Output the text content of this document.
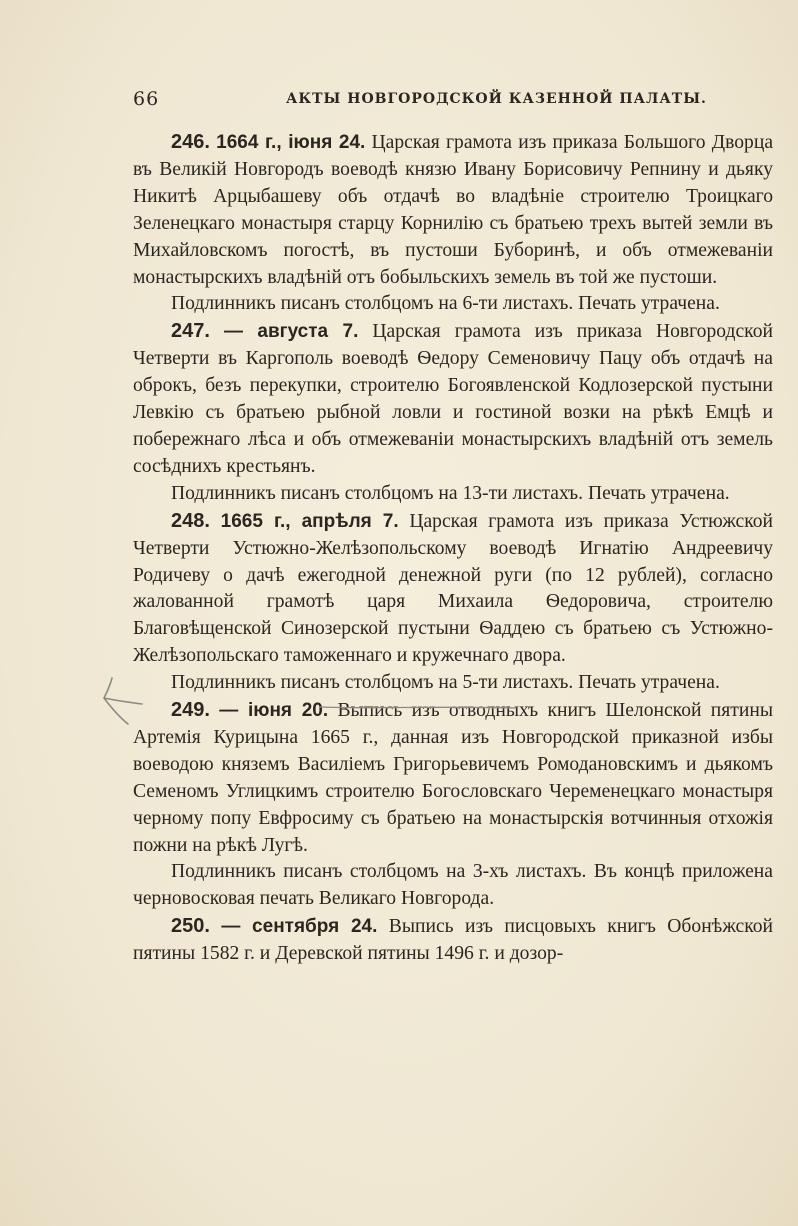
66	АКТЫ НОВГОРОДСКОЙ КАЗЕННОЙ ПАЛАТЫ.

246. 1664 г., іюня 24. Царская грамота изъ приказа Большого Дворца въ Великій Новгородъ воеводѣ князю Ивану Борисовичу Репнину и дьяку Никитѣ Арцыбашеву объ отдачѣ во владѣніе строителю Троицкаго Зеленецкаго монастыря старцу Корнилію съ братьею трехъ вытей земли въ Михайловскомъ погостѣ, въ пустоши Буборинѣ, и объ отмежеваніи монастырскихъ владѣній отъ бобыльскихъ земель въ той же пустоши.

Подлинникъ писанъ столбцомъ на 6-ти листахъ. Печать утрачена.

247. — августа 7. Царская грамота изъ приказа Новгородской Четверти въ Каргополь воеводѣ Ѳедору Семеновичу Пацу объ отдачѣ на оброкъ, безъ перекупки, строителю Богоявленской Кодлозерской пустыни Левкію съ братьею рыбной ловли и гостиной возки на рѣкѣ Емцѣ и побережнаго лѣса и объ отмежеваніи монастырскихъ владѣній отъ земель сосѣднихъ крестьянъ.

Подлинникъ писанъ столбцомъ на 13-ти листахъ. Печать утрачена.

248. 1665 г., апрѣля 7. Царская грамота изъ приказа Устюжской Четверти Устюжно-Желѣзопольскому воеводѣ Игнатію Андреевичу Родичеву о дачѣ ежегодной денежной руги (по 12 рублей), согласно жалованной грамотѣ царя Михаила Ѳедоровича, строителю Благовѣщенской Синозерской пустыни Ѳаддею съ братьею съ Устюжно-Желѣзопольскаго таможеннаго и кружечнаго двора.

Подлинникъ писанъ столбцомъ на 5-ти листахъ. Печать утрачена.

249. — іюня 20. Выпись изъ отводныхъ книгъ Шелонской пятины Артемія Курицына 1665 г., данная изъ Новгородской приказной избы воеводою княземъ Василіемъ Григорьевичемъ Ромодановскимъ и дьякомъ Семеномъ Углицкимъ строителю Богословскаго Череменецкаго монастыря черному попу Евфросиму съ братьею на монастырскія вотчинныя отхожія пожни на рѣкѣ Лугѣ.

Подлинникъ писанъ столбцомъ на 3-хъ листахъ. Въ концѣ приложена черновосковая печать Великаго Новгорода.

250. — сентября 24. Выпись изъ писцовыхъ книгъ Обонѣжской пятины 1582 г. и Деревской пятины 1496 г. и дозор-
